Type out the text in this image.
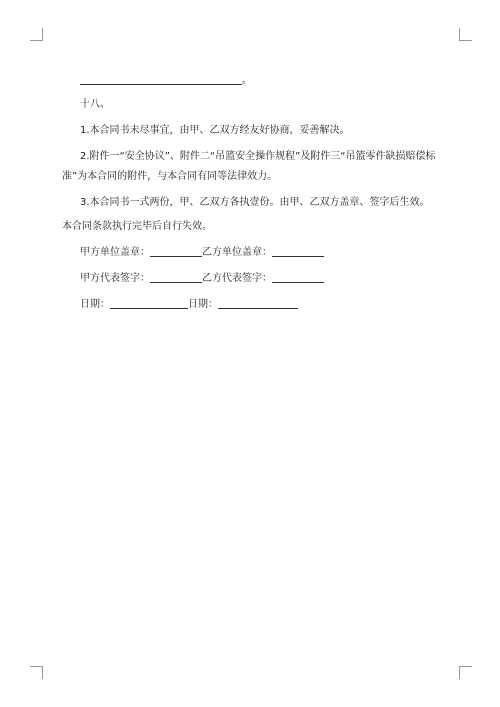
。
十八、
1.本合同书未尽事宜，由甲、乙双方经友好协商，妥善解决。
2.附件一“安全协议”、附件二“吊篮安全操作规程”及附件三“吊篮零件缺损赔偿标
准”为本合同的附件，与本合同有同等法律效力。
3.本合同书一式两份，甲、乙双方各执壹份。由甲、乙双方盖章、签字后生效。
本合同条款执行完毕后自行失效。
甲方单位盖章：	乙方单位盖章：
甲方代表签字：	乙方代表签字：
日期：	日期：
